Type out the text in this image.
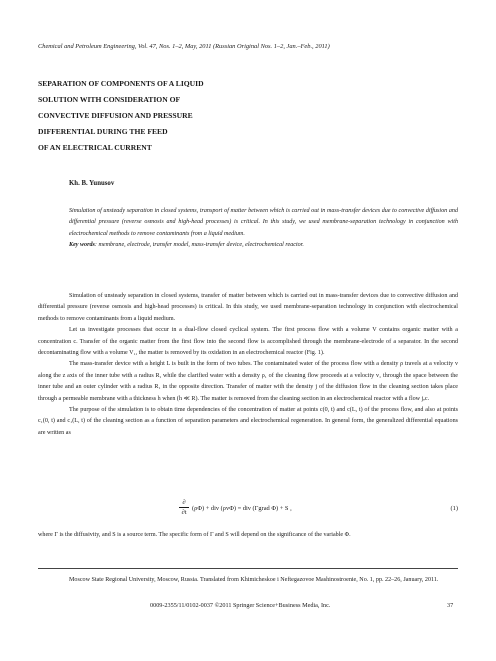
Chemical and Petroleum Engineering, Vol. 47, Nos. 1–2, May, 2011 (Russian Original Nos. 1–2, Jan.–Feb., 2011)
SEPARATION OF COMPONENTS OF A LIQUID
SOLUTION WITH CONSIDERATION OF
CONVECTIVE DIFFUSION AND PRESSURE
DIFFERENTIAL DURING THE FEED
OF AN ELECTRICAL CURRENT
Kh. B. Yunusov
Simulation of unsteady separation in closed systems, transport of matter between which is carried out in mass-transfer devices due to convective diffusion and differential pressure (reverse osmosis and high-head processes) is critical. In this study, we used membrane-separation technology in conjunction with electrochemical methods to remove contaminants from a liquid medium.
Key words: membrane, electrode, transfer model, mass-transfer device, electrochemical reactor.

Simulation of unsteady separation in closed systems, transfer of matter between which is carried out in mass-transfer devices due to convective diffusion and differential pressure (reverse osmosis and high-head processes) is critical. In this study, we used membrane-separation technology in conjunction with electrochemical methods to remove contaminants from a liquid medium.

Let us investigate processes that occur in a dual-flow closed cyclical system. The first process flow with a volume V contains organic matter with a concentration c. Transfer of the organic matter from the first flow into the second flow is accomplished through the membrane-electrode of a separator. In the second decontaminating flow with a volume V₁, the matter is removed by its oxidation in an electrochemical reactor (Fig. 1).

The mass-transfer device with a height L is built in the form of two tubes. The contaminated water of the process flow with a density ρ travels at a velocity v along the z axis of the inner tube with a radius R, while the clarified water with a density ρ₁ of the cleaning flow proceeds at a velocity v₁ through the space between the inner tube and an outer cylinder with a radius R₁ in the opposite direction. Transfer of matter with the density j of the diffusion flow in the cleaning section takes place through a permeable membrane with a thickness h when (h ≪ R). The matter is removed from the cleaning section in an electrochemical reactor with a flow jₑc.

The purpose of the simulation is to obtain time dependencies of the concentration of matter at points c(0, t) and c(L, t) of the process flow, and also at points c₁(0, t) and c₁(L, t) of the cleaning section as a function of separation parameters and electrochemical regeneration. In general form, the generalized differential equations are written as

∂
∂t
(ρΦ) + div (ρvΦ) = div (Γgrad Φ) + S ,	(1)
where Γ is the diffusivity, and S is a source term. The specific form of Γ and S will depend on the significance of the variable Φ.
Moscow State Regional University, Moscow, Russia. Translated from Khimicheskoe i Neftegazovoe Mashinostroenie, No. 1, pp. 22–26, January, 2011.
0009-2355/11/0102-0037 ©2011 Springer Science+Business Media, Inc.	37
